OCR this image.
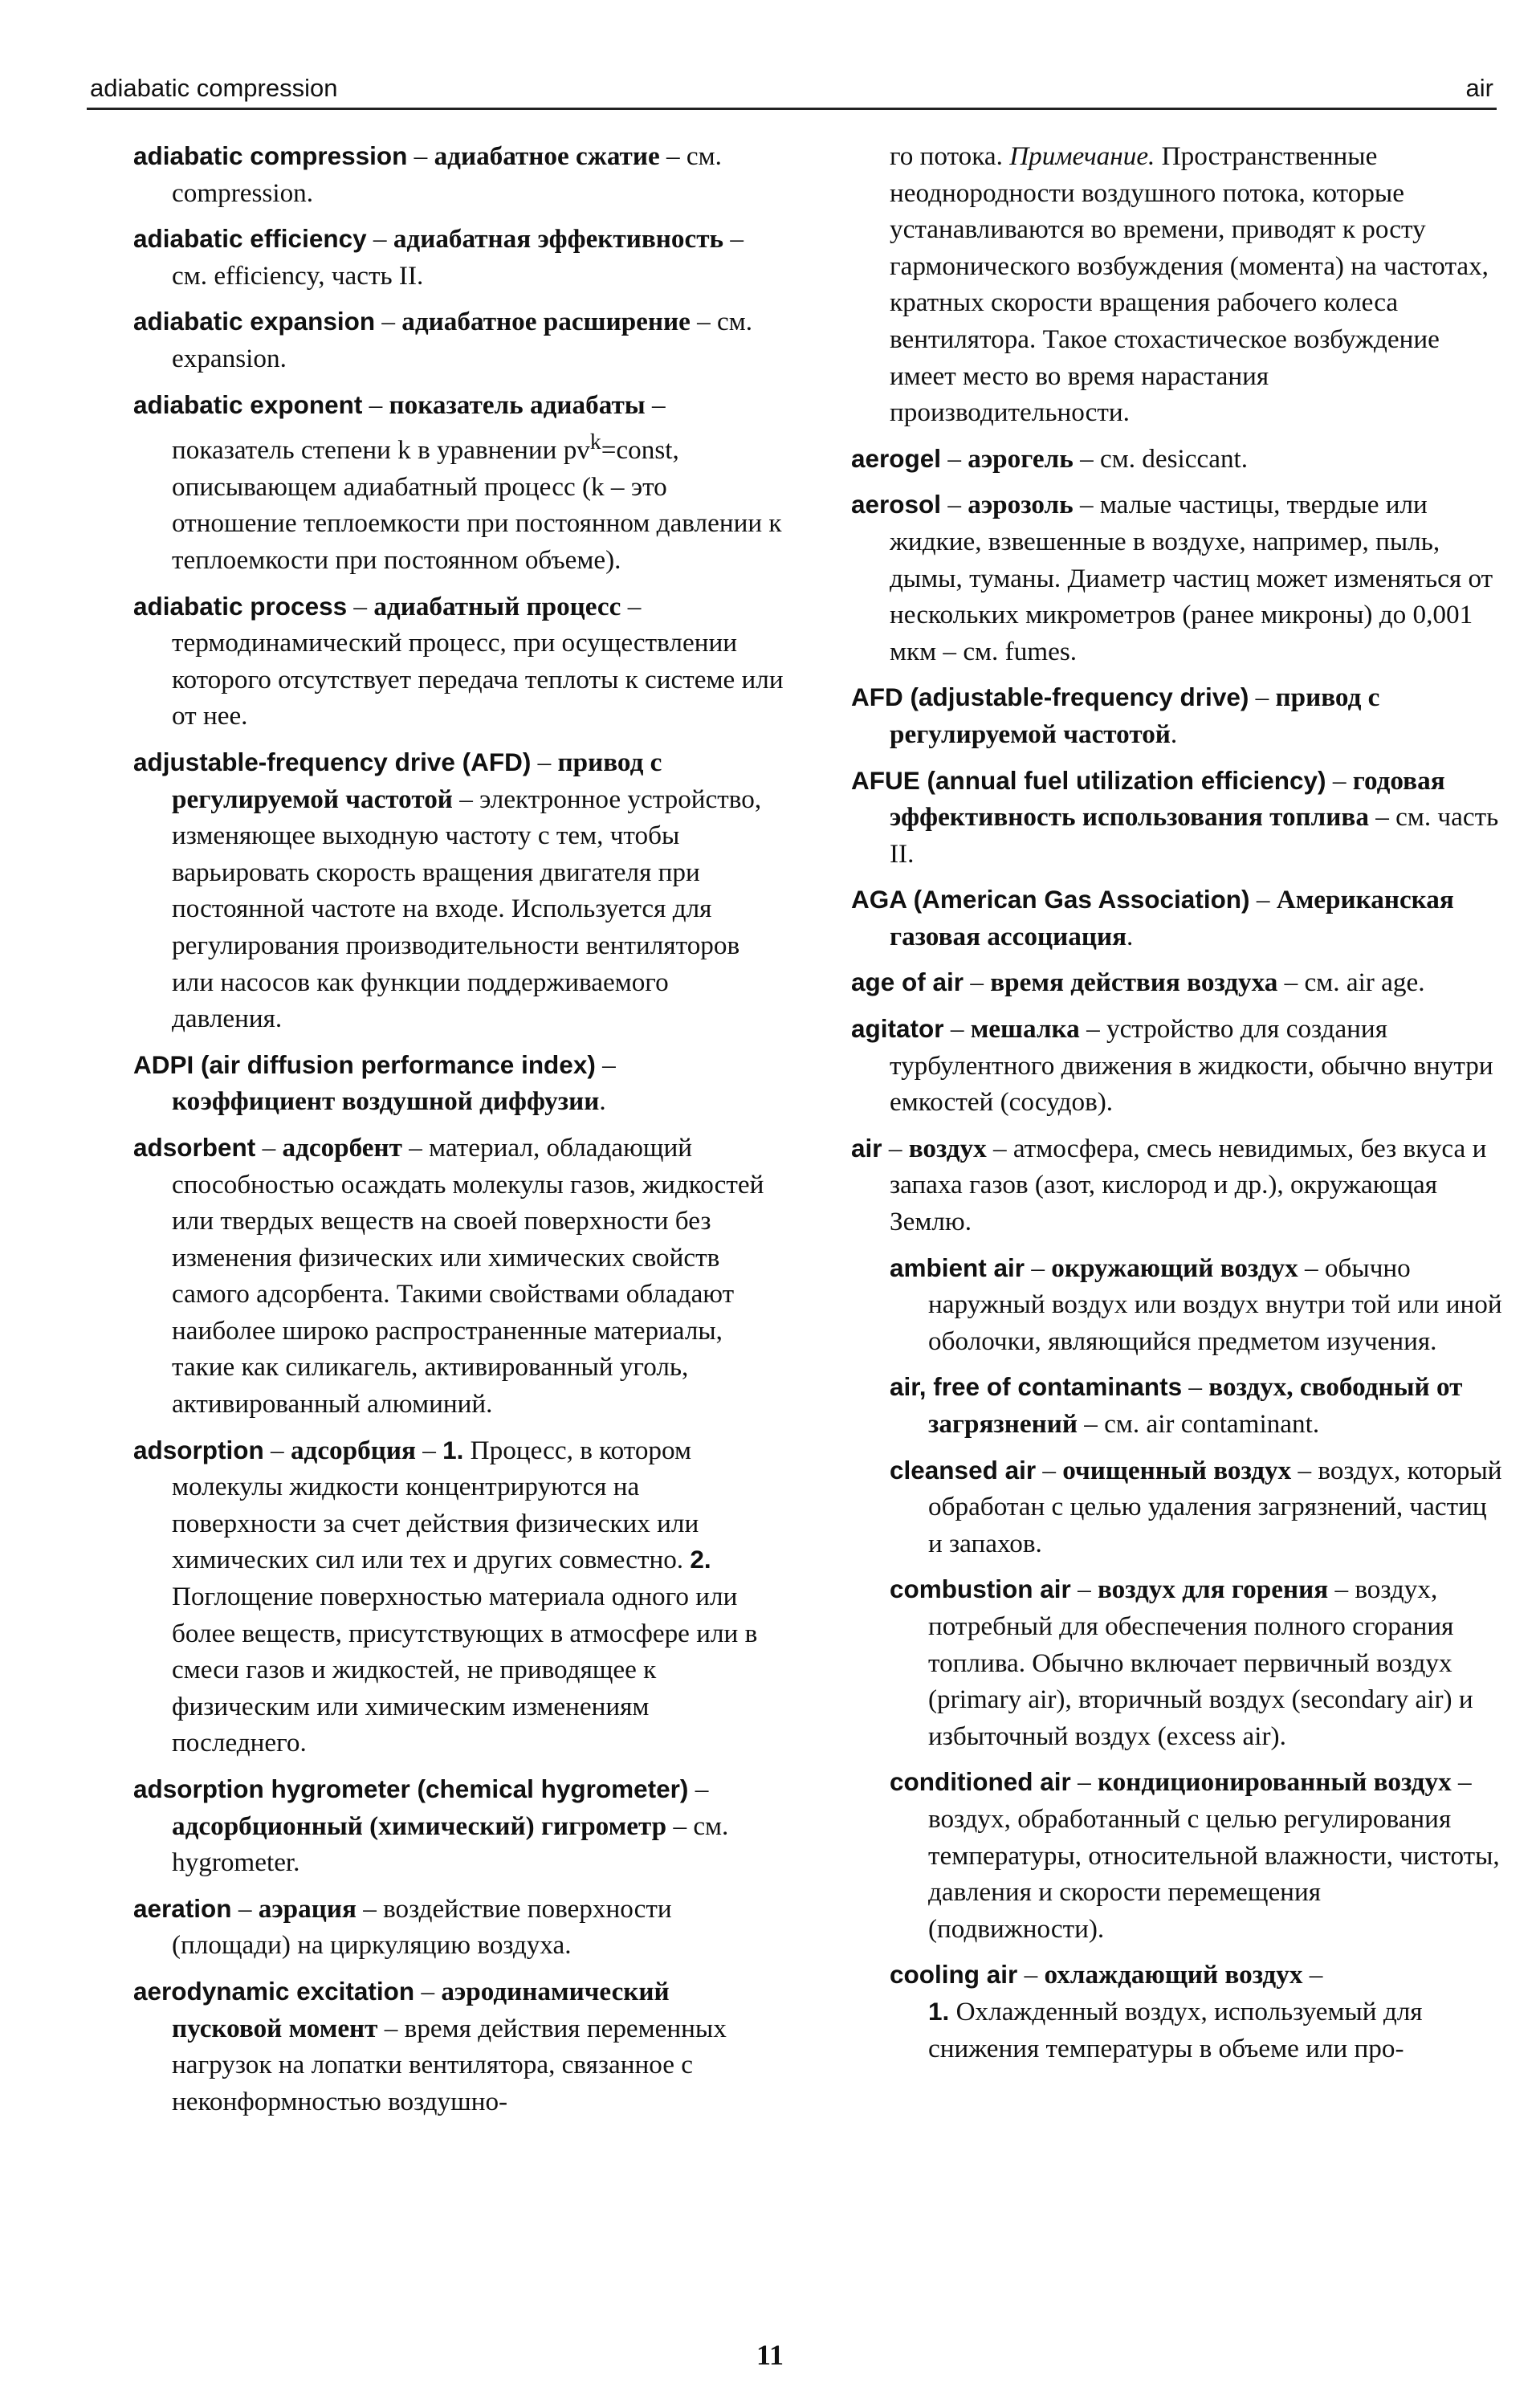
adiabatic compression	air

adiabatic compression – адиабатное сжатие – см. compression.

adiabatic efficiency – адиабатная эффективность – см. efficiency, часть II.

adiabatic expansion – адиабатное расширение – см. expansion.

adiabatic exponent – показатель адиабаты – показатель степени k в уравнении $pv^k=const$, описывающем адиабатный процесс (k – это отношение теплоемкости при постоянном давлении к теплоемкости при постоянном объеме).

adiabatic process – адиабатный процесс – термодинамический процесс, при осуществлении которого отсутствует передача теплоты к системе или от нее.

adjustable-frequency drive (AFD) – привод с регулируемой частотой – электронное устройство, изменяющее выходную частоту с тем, чтобы варьировать скорость вращения двигателя при постоянной частоте на входе. Используется для регулирования производительности вентиляторов или насосов как функции поддерживаемого давления.

ADPI (air diffusion performance index) – коэффициент воздушной диффузии.

adsorbent – адсорбент – материал, обладающий способностью осаждать молекулы газов, жидкостей или твердых веществ на своей поверхности без изменения физических или химических свойств самого адсорбента. Такими свойствами обладают наиболее широко распространенные материалы, такие как силикагель, активированный уголь, активированный алюминий.

adsorption – адсорбция – 1. Процесс, в котором молекулы жидкости концентрируются на поверхности за счет действия физических или химических сил или тех и других совместно. 2. Поглощение поверхностью материала одного или более веществ, присутствующих в атмосфере или в смеси газов и жидкостей, не приводящее к физическим или химическим изменениям последнего.

adsorption hygrometer (chemical hygrometer) – адсорбционный (химический) гигрометр – см. hygrometer.

aeration – аэрация – воздействие поверхности (площади) на циркуляцию воздуха.

aerodynamic excitation – аэродинамический пусковой момент – время действия переменных нагрузок на лопатки вентилятора, связанное с неконформностью воздушно-

го потока. Примечание. Пространственные неоднородности воздушного потока, которые устанавливаются во времени, приводят к росту гармонического возбуждения (момента) на частотах, кратных скорости вращения рабочего колеса вентилятора. Такое стохастическое возбуждение имеет место во время нарастания производительности.

aerogel – аэрогель – см. desiccant.

aerosol – аэрозоль – малые частицы, твердые или жидкие, взвешенные в воздухе, например, пыль, дымы, туманы. Диаметр частиц может изменяться от нескольких микрометров (ранее микроны) до 0,001 мкм – см. fumes.

AFD (adjustable-frequency drive) – привод с регулируемой частотой.

AFUE (annual fuel utilization efficiency) – годовая эффективность использования топлива – см. часть II.

AGA (American Gas Association) – Американская газовая ассоциация.

age of air – время действия воздуха – см. air age.

agitator – мешалка – устройство для создания турбулентного движения в жидкости, обычно внутри емкостей (сосудов).

air – воздух – атмосфера, смесь невидимых, без вкуса и запаха газов (азот, кислород и др.), окружающая Землю.

ambient air – окружающий воздух – обычно наружный воздух или воздух внутри той или иной оболочки, являющийся предметом изучения.

air, free of contaminants – воздух, свободный от загрязнений – см. air contaminant.

cleansed air – очищенный воздух – воздух, который обработан с целью удаления загрязнений, частиц и запахов.

combustion air – воздух для горения – воздух, потребный для обеспечения полного сгорания топлива. Обычно включает первичный воздух (primary air), вторичный воздух (secondary air) и избыточный воздух (excess air).

conditioned air – кондиционированный воздух – воздух, обработанный с целью регулирования температуры, относительной влажности, чистоты, давления и скорости перемещения (подвижности).

cooling air – охлаждающий воздух –
1. Охлажденный воздух, используемый для снижения температуры в объеме или про-

11
